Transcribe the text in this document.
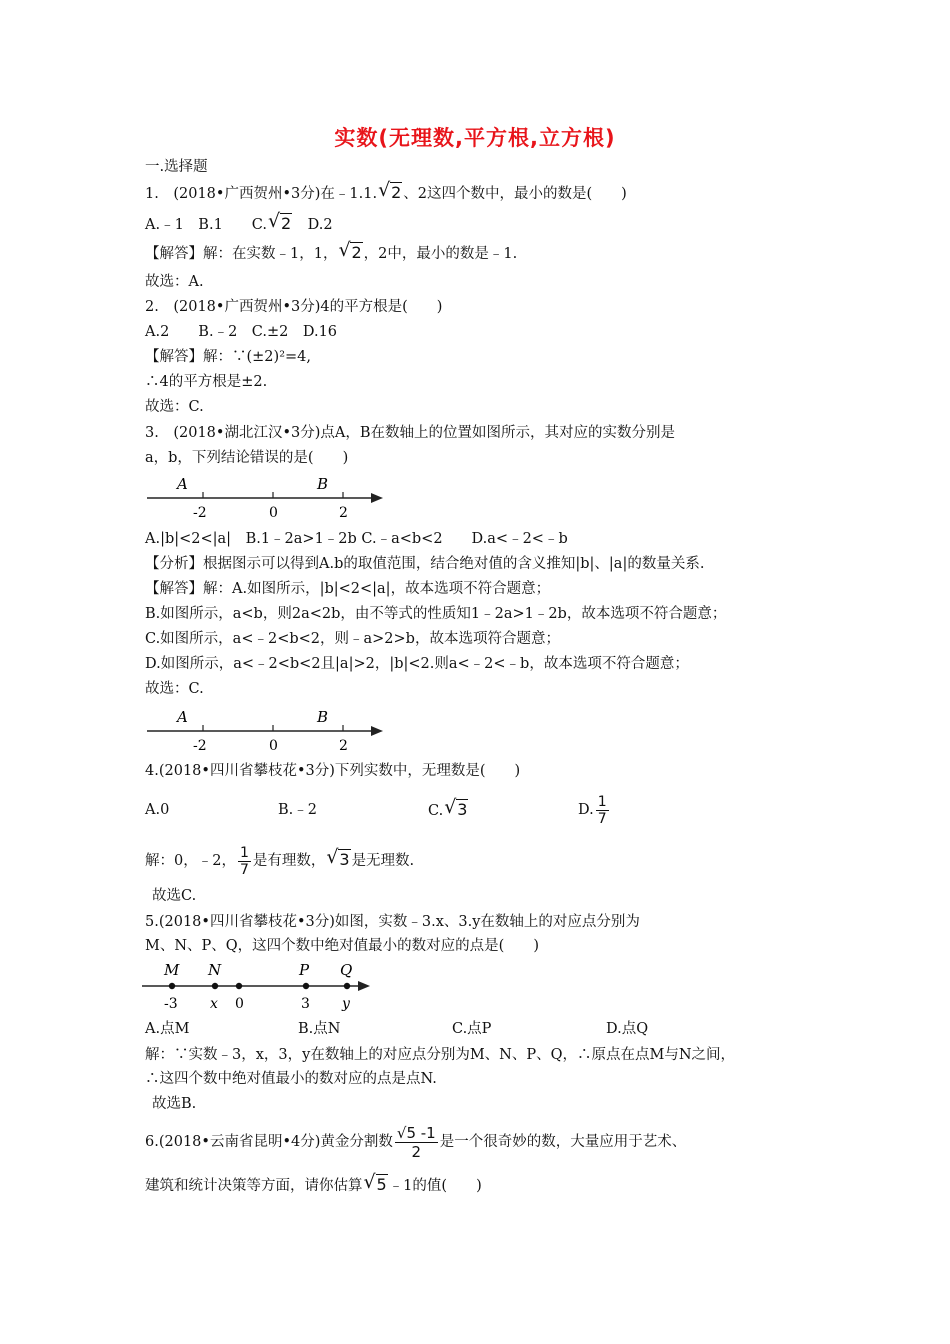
实数(无理数,平方根,立方根)
一.选择题
1.　(2018•广西贺州•3分)在﹣1.1. √ 2 、2这四个数中，最小的数是(　　)
A.﹣1　B.1　　C. √ 2　D.2
【解答】解：在实数﹣1，1， √ 2 ，2中，最小的数是﹣1.
故选：A.
2.　(2018•广西贺州•3分)4的平方根是(　　)
A.2　　B.﹣2　C.±2　D.16
【解答】解：∵(±2)²=4,
∴4的平方根是±2.
故选：C.
3.　(2018•湖北江汉•3分)点A，B在数轴上的位置如图所示，其对应的实数分别是
a，b，下列结论错误的是(　　)
A	B
-2	0	2
A.|b|<2<|a|　B.1﹣2a>1﹣2b C.﹣a<b<2　　D.a<﹣2<﹣b
【分析】根据图示可以得到A.b的取值范围，结合绝对值的含义推知|b|、|a|的数量关系.
【解答】解：A.如图所示，|b|<2<|a|，故本选项不符合题意；
B.如图所示，a<b，则2a<2b，由不等式的性质知1﹣2a>1﹣2b，故本选项不符合题意；
C.如图所示，a<﹣2<b<2，则﹣a>2>b，故本选项符合题意；
D.如图所示，a<﹣2<b<2且|a|>2，|b|<2.则a<﹣2<﹣b，故本选项不符合题意；
故选：C.
A	B
-2	0	2
4.(2018•四川省攀枝花•3分)下列实数中，无理数是(　　)
A.0	B.﹣2	C. √ 3	D. $\frac{1}{7}$
解：0，﹣2， $\frac{1}{7}$ 是有理数， √ 3 是无理数.
故选C.
5.(2018•四川省攀枝花•3分)如图，实数﹣3.x、3.y在数轴上的对应点分别为
M、N、P、Q，这四个数中绝对值最小的数对应的点是(　　)
M N	P Q
-3 x 0	3 y
A.点M	B.点N	C.点P	D.点Q
解：∵实数﹣3，x，3，y在数轴上的对应点分别为M、N、P、Q，∴原点在点M与N之间，
∴这四个数中绝对值最小的数对应的点是点N.
故选B.
6.(2018•云南省昆明•4分)黄金分割数 $\frac{√5 -1}{2}$ 是一个很奇妙的数，大量应用于艺术、
建筑和统计决策等方面，请你估算 √ 5 ﹣1的值(　　)
